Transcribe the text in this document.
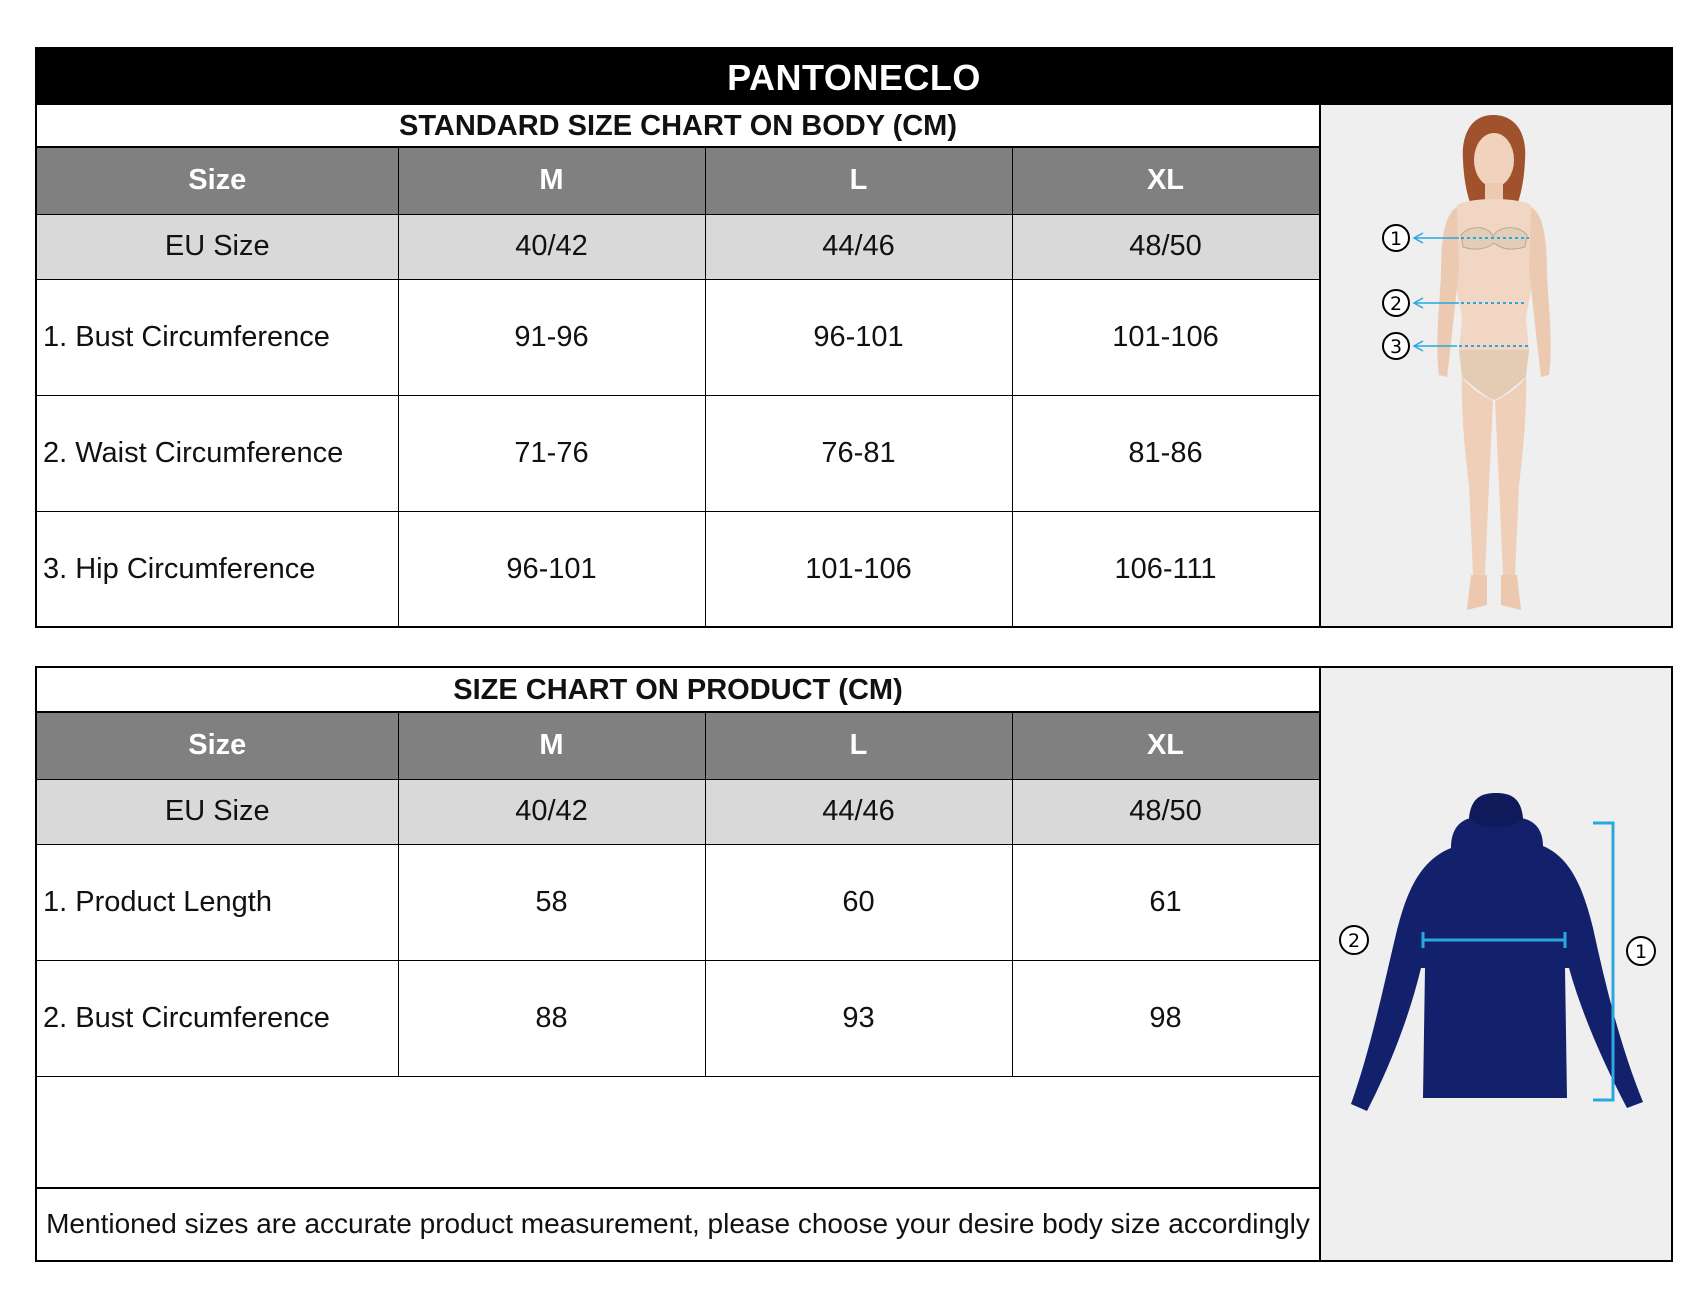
PANTONECLO
STANDARD SIZE CHART ON BODY (CM)
Size	M	L	XL
EU Size	40/42	44/46	48/50
1. Bust Circumference	91-96	96-101	101-106
2. Waist Circumference	71-76	76-81	81-86
3. Hip Circumference	96-101	101-106	106-111
1
2
3
SIZE CHART ON PRODUCT (CM)
Size	M	L	XL
EU Size	40/42	44/46	48/50
1. Product Length	58	60	61
2. Bust Circumference	88	93	98
Mentioned sizes are accurate product measurement, please choose your desire body size accordingly
2	1
